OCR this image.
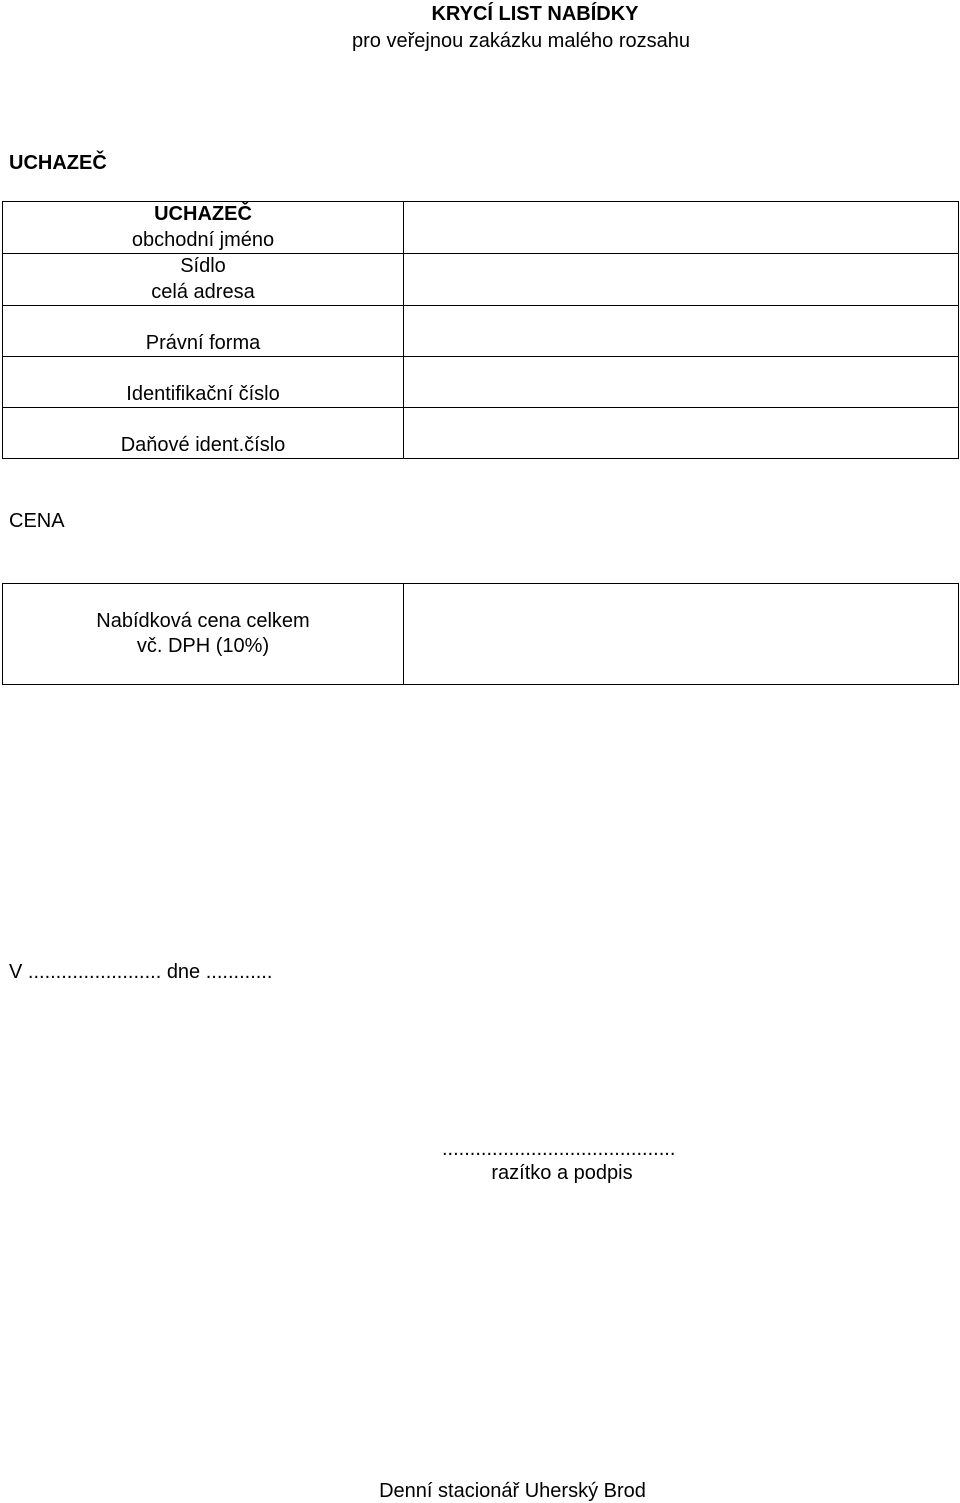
KRYCÍ LIST NABÍDKY
pro veřejnou zakázku malého rozsahu
UCHAZEČ
UCHAZEČ
obchodní jméno	

Sídlo
celá adresa	

Právní forma	

Identifikační číslo	

Daňové ident.číslo	

CENA
Nabídková cena celkem
vč. DPH (10%)

V ........................ dne ............
..........................................
razítko a podpis
Denní stacionář Uherský Brod
